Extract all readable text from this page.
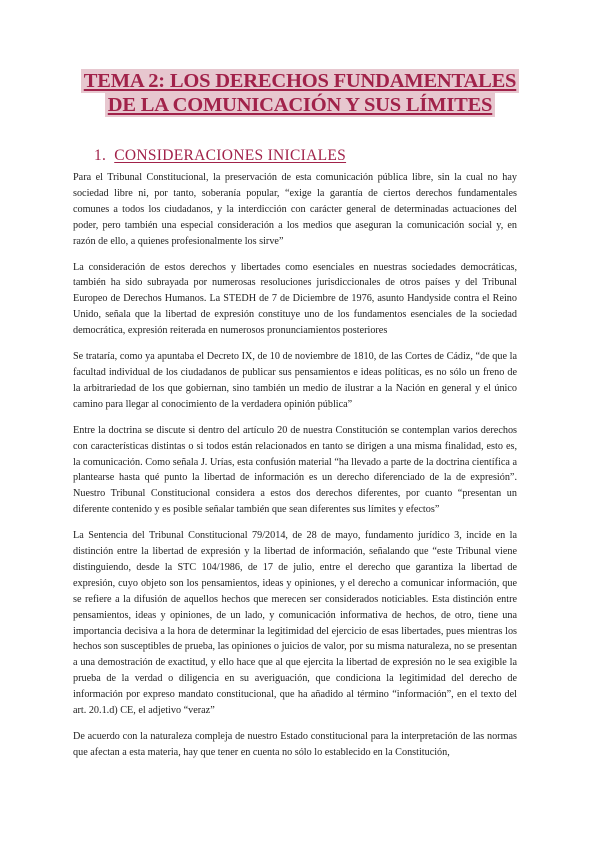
TEMA 2: LOS DERECHOS FUNDAMENTALES
DE LA COMUNICACIÓN Y SUS LÍMITES
1. CONSIDERACIONES INICIALES

Para el Tribunal Constitucional, la preservación de esta comunicación pública libre, sin la cual no hay sociedad libre ni, por tanto, soberanía popular, “exige la garantía de ciertos derechos fundamentales comunes a todos los ciudadanos, y la interdicción con carácter general de determinadas actuaciones del poder, pero también una especial consideración a los medios que aseguran la comunicación social y, en razón de ello, a quienes profesionalmente los sirve”

La consideración de estos derechos y libertades como esenciales en nuestras sociedades democráticas, también ha sido subrayada por numerosas resoluciones jurisdiccionales de otros países y del Tribunal Europeo de Derechos Humanos. La STEDH de 7 de Diciembre de 1976, asunto Handyside contra el Reino Unido, señala que la libertad de expresión constituye uno de los fundamentos esenciales de la sociedad democrática, expresión reiterada en numerosos pronunciamientos posteriores

Se trataría, como ya apuntaba el Decreto IX, de 10 de noviembre de 1810, de las Cortes de Cádiz, “de que la facultad individual de los ciudadanos de publicar sus pensamientos e ideas políticas, es no sólo un freno de la arbitrariedad de los que gobiernan, sino también un medio de ilustrar a la Nación en general y el único camino para llegar al conocimiento de la verdadera opinión pública”

Entre la doctrina se discute si dentro del artículo 20 de nuestra Constitución se contemplan varios derechos con características distintas o si todos están relacionados en tanto se dirigen a una misma finalidad, esto es, la comunicación. Como señala J. Urías, esta confusión material “ha llevado a parte de la doctrina científica a plantearse hasta qué punto la libertad de información es un derecho diferenciado de la de expresión”. Nuestro Tribunal Constitucional considera a estos dos derechos diferentes, por cuanto “presentan un diferente contenido y es posible señalar también que sean diferentes sus límites y efectos”

La Sentencia del Tribunal Constitucional 79/2014, de 28 de mayo, fundamento jurídico 3, incide en la distinción entre la libertad de expresión y la libertad de información, señalando que “este Tribunal viene distinguiendo, desde la STC 104/1986, de 17 de julio, entre el derecho que garantiza la libertad de expresión, cuyo objeto son los pensamientos, ideas y opiniones, y el derecho a comunicar información, que se refiere a la difusión de aquellos hechos que merecen ser considerados noticiables. Esta distinción entre pensamientos, ideas y opiniones, de un lado, y comunicación informativa de hechos, de otro, tiene una importancia decisiva a la hora de determinar la legitimidad del ejercicio de esas libertades, pues mientras los hechos son susceptibles de prueba, las opiniones o juicios de valor, por su misma naturaleza, no se presentan a una demostración de exactitud, y ello hace que al que ejercita la libertad de expresión no le sea exigible la prueba de la verdad o diligencia en su averiguación, que condiciona la legitimidad del derecho de información por expreso mandato constitucional, que ha añadido al término “información”, en el texto del art. 20.1.d) CE, el adjetivo “veraz”

De acuerdo con la naturaleza compleja de nuestro Estado constitucional para la interpretación de las normas que afectan a esta materia, hay que tener en cuenta no sólo lo establecido en la Constitución,
